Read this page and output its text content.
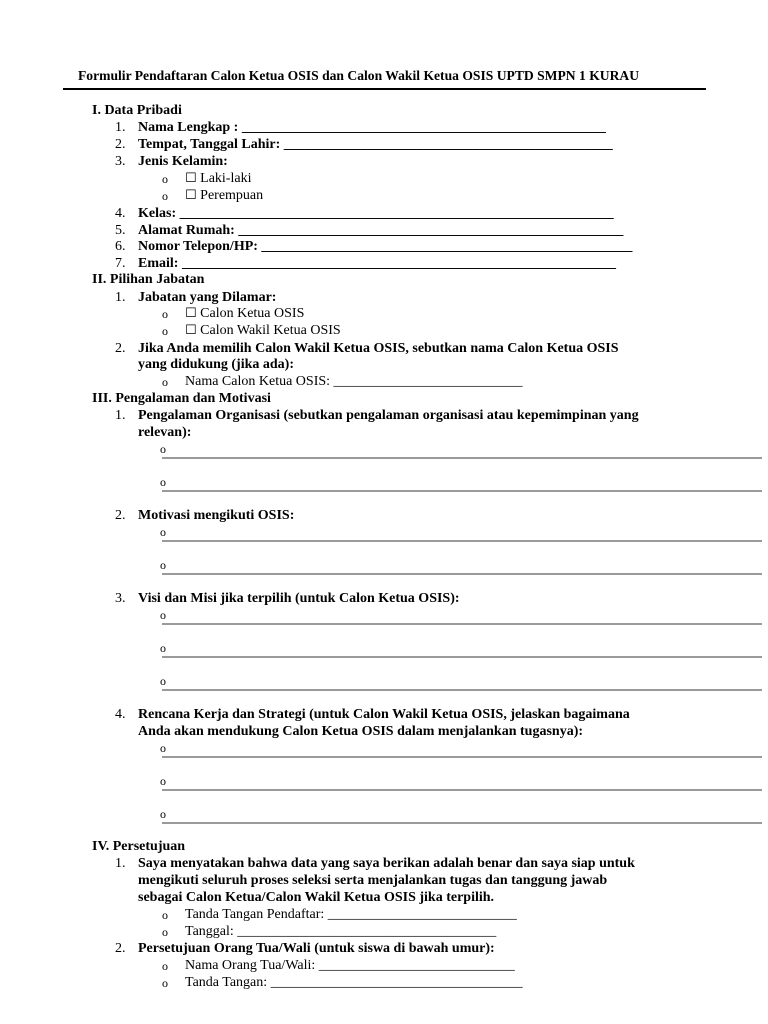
Formulir Pendaftaran Calon Ketua OSIS dan Calon Wakil Ketua OSIS UPTD SMPN 1 KURAU
I. Data Pribadi
1. Nama Lengkap : ____________________________________________________
2. Tempat, Tanggal Lahir: _______________________________________________
3. Jenis Kelamin:
o ☐ Laki-laki
o ☐ Perempuan
4. Kelas: ______________________________________________________________
5. Alamat Rumah: _______________________________________________________
6. Nomor Telepon/HP: _____________________________________________________
7. Email: ______________________________________________________________
II. Pilihan Jabatan
1. Jabatan yang Dilamar:
o ☐ Calon Ketua OSIS
o ☐ Calon Wakil Ketua OSIS
2. Jika Anda memilih Calon Wakil Ketua OSIS, sebutkan nama Calon Ketua OSIS
yang didukung (jika ada):
o Nama Calon Ketua OSIS: ___________________________
III. Pengalaman dan Motivasi
1. Pengalaman Organisasi (sebutkan pengalaman organisasi atau kepemimpinan yang
relevan):
o
o
2. Motivasi mengikuti OSIS:
o
o
3. Visi dan Misi jika terpilih (untuk Calon Ketua OSIS):
o
o
o
4. Rencana Kerja dan Strategi (untuk Calon Wakil Ketua OSIS, jelaskan bagaimana
Anda akan mendukung Calon Ketua OSIS dalam menjalankan tugasnya):
o
o
o
IV. Persetujuan
1. Saya menyatakan bahwa data yang saya berikan adalah benar dan saya siap untuk
mengikuti seluruh proses seleksi serta menjalankan tugas dan tanggung jawab
sebagai Calon Ketua/Calon Wakil Ketua OSIS jika terpilih.
o Tanda Tangan Pendaftar: ___________________________
o Tanggal: _____________________________________
2. Persetujuan Orang Tua/Wali (untuk siswa di bawah umur):
o Nama Orang Tua/Wali: ____________________________
o Tanda Tangan: ____________________________________
